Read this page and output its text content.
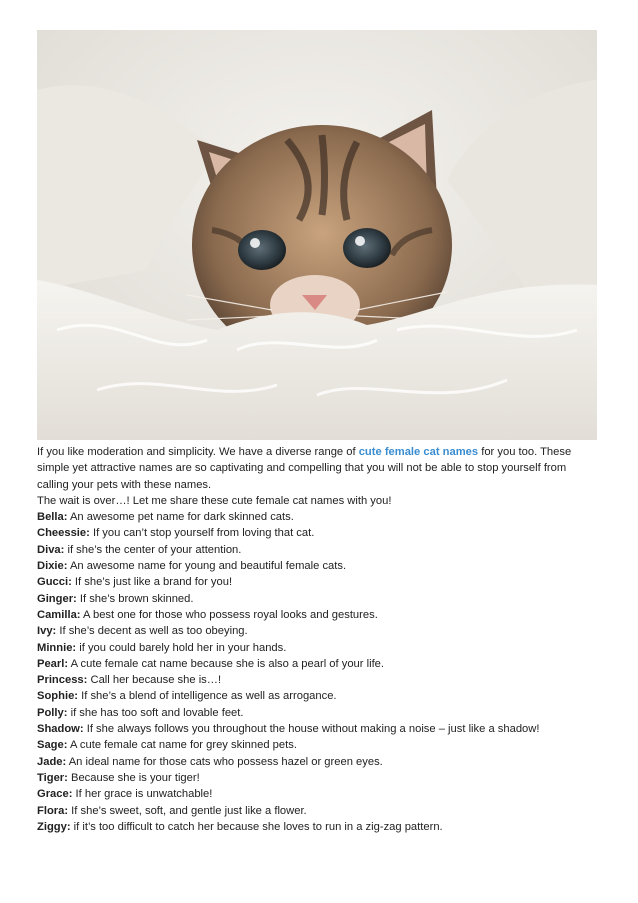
If you like moderation and simplicity. We have a diverse range of cute female cat names for you too. These simple yet attractive names are so captivating and compelling that you will not be able to stop yourself from calling your pets with these names.

The wait is over…! Let me share these cute female cat names with you!

Bella: An awesome pet name for dark skinned cats.

Cheessie: If you can’t stop yourself from loving that cat.

Diva: if she’s the center of your attention.

Dixie: An awesome name for young and beautiful female cats.

Gucci: If she’s just like a brand for you!

Ginger: If she’s brown skinned.

Camilla: A best one for those who possess royal looks and gestures.

Ivy: If she’s decent as well as too obeying.

Minnie: if you could barely hold her in your hands.

Pearl: A cute female cat name because she is also a pearl of your life.

Princess: Call her because she is…!

Sophie: If she’s a blend of intelligence as well as arrogance.

Polly: if she has too soft and lovable feet.

Shadow: If she always follows you throughout the house without making a noise – just like a shadow!

Sage: A cute female cat name for grey skinned pets.

Jade: An ideal name for those cats who possess hazel or green eyes.

Tiger: Because she is your tiger!

Grace: If her grace is unwatchable!

Flora: If she’s sweet, soft, and gentle just like a flower.

Ziggy: if it’s too difficult to catch her because she loves to run in a zig-zag pattern.
